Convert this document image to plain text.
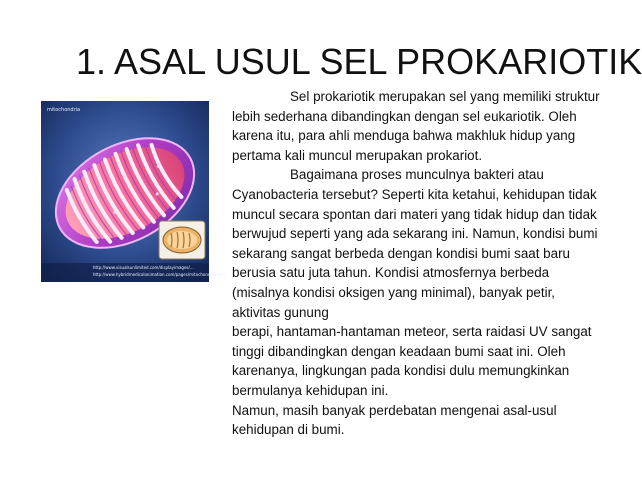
1. ASAL USUL SEL PROKARIOTIK
mitochondria
http://www.visualsunlimited.com/displayimages/...
http://www.hybridmedicalanimation.com/pages/mitochondria.htm

Sel prokariotik merupakan sel yang memiliki struktur lebih sederhana dibandingkan dengan sel eukariotik. Oleh karena itu, para ahli menduga bahwa makhluk hidup yang pertama kali muncul merupakan prokariot.

Bagaimana proses munculnya bakteri atau Cyanobacteria tersebut? Seperti kita ketahui, kehidupan tidak muncul secara spontan dari materi yang tidak hidup dan tidak berwujud seperti yang ada sekarang ini. Namun, kondisi bumi sekarang sangat berbeda dengan kondisi bumi saat baru berusia satu juta tahun. Kondisi atmosfernya berbeda (misalnya kondisi oksigen yang minimal), banyak petir, aktivitas gunung

berapi, hantaman-hantaman meteor, serta raidasi UV sangat tinggi dibandingkan dengan keadaan bumi saat ini. Oleh karenanya, lingkungan pada kondisi dulu memungkinkan bermulanya kehidupan ini.

Namun, masih banyak perdebatan mengenai asal-usul kehidupan di bumi.
